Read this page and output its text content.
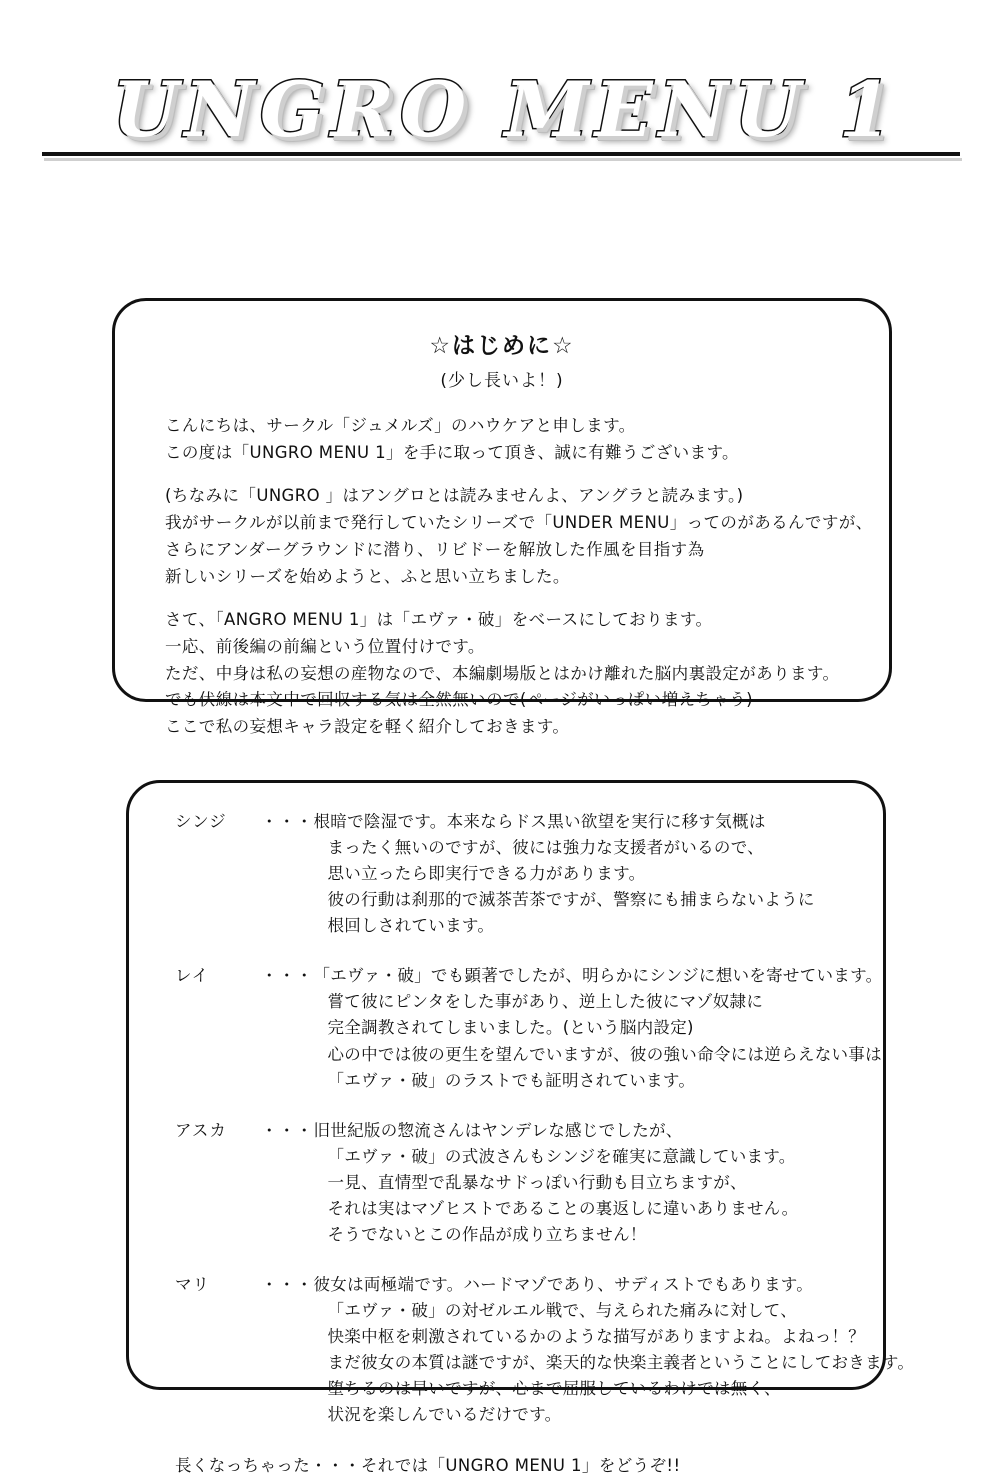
UNGRO MENU 1
☆はじめに☆
(少し長いよ！)

こんにちは、サークル「ジュメルズ」のハウケアと申します。
この度は「UNGRO MENU 1」を手に取って頂き、誠に有難うございます。

(ちなみに「UNGRO 」はアングロとは読みませんよ、アングラと読みます。)
我がサークルが以前まで発行していたシリーズで「UNDER MENU」ってのがあるんですが、
さらにアンダーグラウンドに潜り、リビドーを解放した作風を目指す為
新しいシリーズを始めようと、ふと思い立ちました。

さて、「ANGRO MENU 1」は「エヴァ・破」をベースにしております。
一応、前後編の前編という位置付けです。
ただ、中身は私の妄想の産物なので、本編劇場版とはかけ離れた脳内裏設定があります。
でも伏線は本文中で回収する気は全然無いので(ページがいっぱい増えちゃう)
ここで私の妄想キャラ設定を軽く紹介しておきます。

シンジ	・・・ 根暗で陰湿です。本来ならドス黒い欲望を実行に移す気概は
まったく無いのですが、彼には強力な支援者がいるので、
思い立ったら即実行できる力があります。
彼の行動は刹那的で滅茶苦茶ですが、警察にも捕まらないように
根回しされています。
レイ	・・・ 「エヴァ・破」でも顕著でしたが、明らかにシンジに想いを寄せています。
嘗て彼にピンタをした事があり、逆上した彼にマゾ奴隷に
完全調教されてしまいました。(という脳内設定)
心の中では彼の更生を望んでいますが、彼の強い命令には逆らえない事は
「エヴァ・破」のラストでも証明されています。
アスカ	・・・ 旧世紀版の惣流さんはヤンデレな感じでしたが、
「エヴァ・破」の式波さんもシンジを確実に意識しています。
一見、直情型で乱暴なサドっぽい行動も目立ちますが、
それは実はマゾヒストであることの裏返しに違いありません。
そうでないとこの作品が成り立ちません！
マリ	・・・ 彼女は両極端です。ハードマゾであり、サディストでもあります。
「エヴァ・破」の対ゼルエル戦で、与えられた痛みに対して、
快楽中枢を刺激されているかのような描写がありますよね。よねっ！？
まだ彼女の本質は謎ですが、楽天的な快楽主義者ということにしておきます。
堕ちるのは早いですが、心まで屈服しているわけでは無く、
状況を楽しんでいるだけです。
長くなっちゃった・・・それでは「UNGRO MENU 1」をどうぞ!!
